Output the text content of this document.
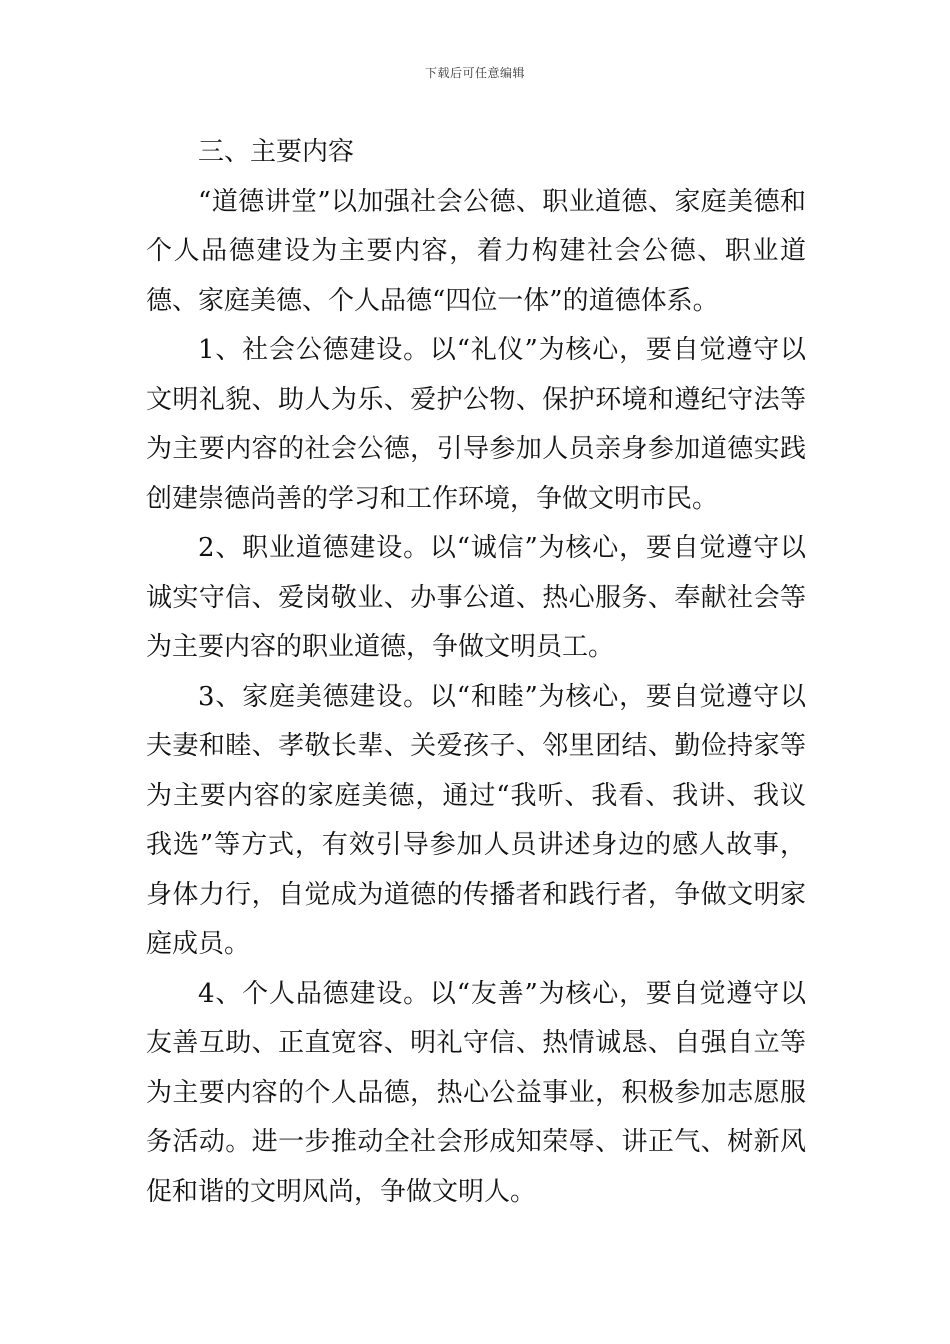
下载后可任意编辑

三、主要内容

“道德讲堂”以加强社会公德、职业道德、家庭美德和个人品德建设为主要内容，着力构建社会公德、职业道德、家庭美德、个人品德“四位一体”的道德体系。

1、社会公德建设。以“礼仪”为核心，要自觉遵守以文明礼貌、助人为乐、爱护公物、保护环境和遵纪守法等为主要内容的社会公德，引导参加人员亲身参加道德实践创建崇德尚善的学习和工作环境，争做文明市民。

2、职业道德建设。以“诚信”为核心，要自觉遵守以诚实守信、爱岗敬业、办事公道、热心服务、奉献社会等为主要内容的职业道德，争做文明员工。

3、家庭美德建设。以“和睦”为核心，要自觉遵守以夫妻和睦、孝敬长辈、关爱孩子、邻里团结、勤俭持家等为主要内容的家庭美德，通过“我听、我看、我讲、我议我选”等方式，有效引导参加人员讲述身边的感人故事，身体力行，自觉成为道德的传播者和践行者，争做文明家庭成员。

4、个人品德建设。以“友善”为核心，要自觉遵守以友善互助、正直宽容、明礼守信、热情诚恳、自强自立等为主要内容的个人品德，热心公益事业，积极参加志愿服务活动。进一步推动全社会形成知荣辱、讲正气、树新风促和谐的文明风尚，争做文明人。
